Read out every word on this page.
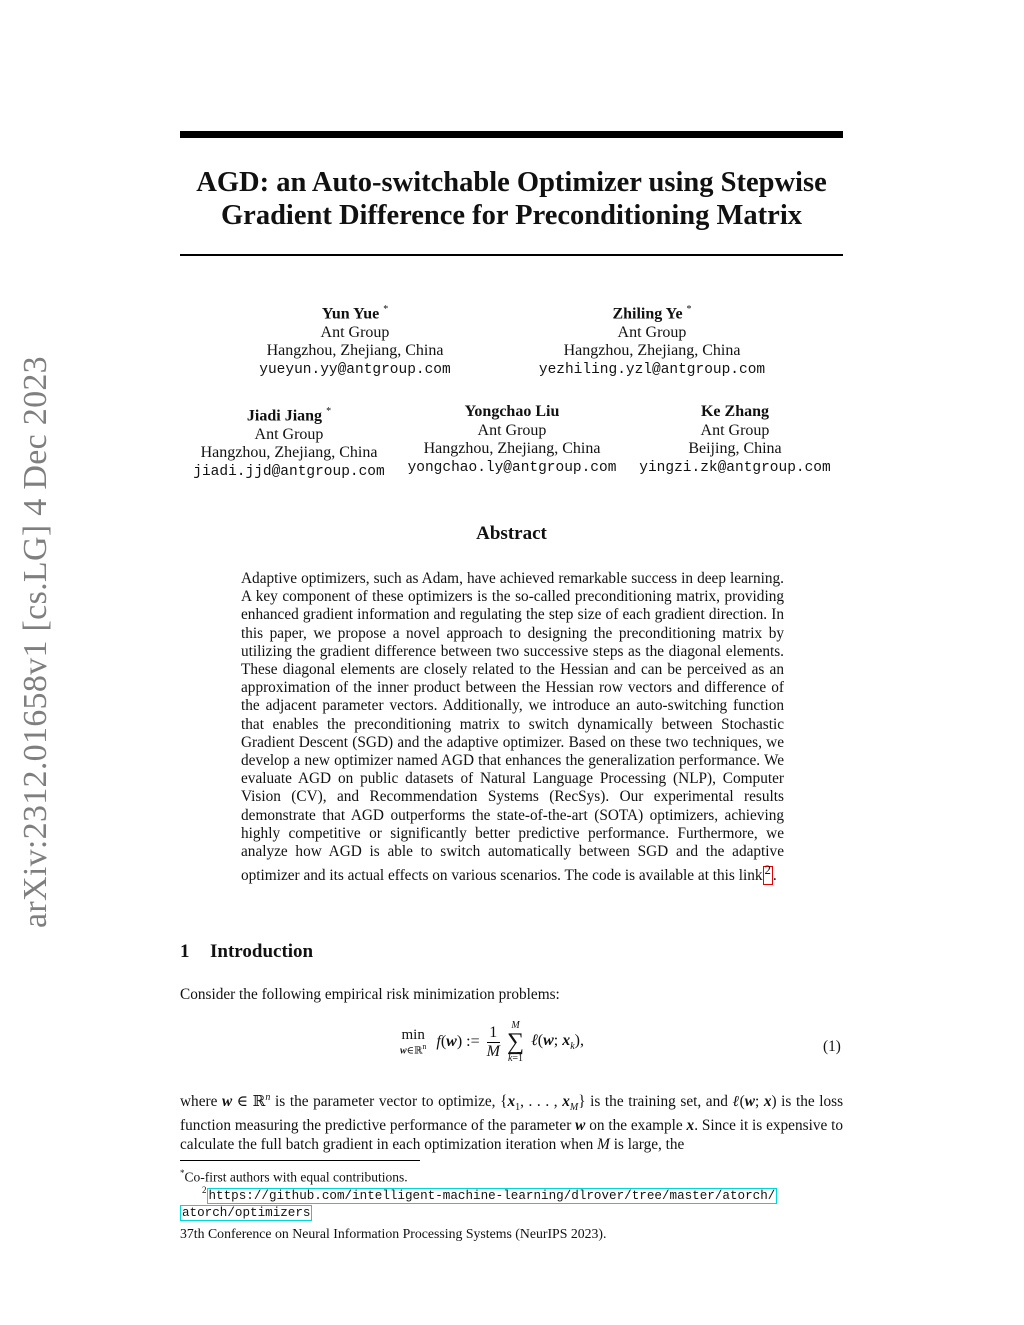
arXiv:2312.01658v1 [cs.LG] 4 Dec 2023
AGD: an Auto-switchable Optimizer using Stepwise
Gradient Difference for Preconditioning Matrix
Yun Yue *
Ant Group
Hangzhou, Zhejiang, China
yueyun.yy@antgroup.com
Zhiling Ye *
Ant Group
Hangzhou, Zhejiang, China
yezhiling.yzl@antgroup.com
Jiadi Jiang *
Ant Group
Hangzhou, Zhejiang, China
jiadi.jjd@antgroup.com
Yongchao Liu
Ant Group
Hangzhou, Zhejiang, China
yongchao.ly@antgroup.com
Ke Zhang
Ant Group
Beijing, China
yingzi.zk@antgroup.com
Abstract
Adaptive optimizers, such as Adam, have achieved remarkable success in deep learning. A key component of these optimizers is the so-called preconditioning matrix, providing enhanced gradient information and regulating the step size of each gradient direction. In this paper, we propose a novel approach to designing the preconditioning matrix by utilizing the gradient difference between two successive steps as the diagonal elements. These diagonal elements are closely related to the Hessian and can be perceived as an approximation of the inner product between the Hessian row vectors and difference of the adjacent parameter vectors. Additionally, we introduce an auto-switching function that enables the preconditioning matrix to switch dynamically between Stochastic Gradient Descent (SGD) and the adaptive optimizer. Based on these two techniques, we develop a new optimizer named AGD that enhances the generalization performance. We evaluate AGD on public datasets of Natural Language Processing (NLP), Computer Vision (CV), and Recommendation Systems (RecSys). Our experimental results demonstrate that AGD outperforms the state-of-the-art (SOTA) optimizers, achieving highly competitive or significantly better predictive performance. Furthermore, we analyze how AGD is able to switch automatically between SGD and the adaptive optimizer and its actual effects on various scenarios. The code is available at this link $^2$ .
1 Introduction
Consider the following empirical risk minimization problems:
min
w∈ℝ$^n$ f(w) := $\frac{1}{M}$
	M
∑
k=1
ℓ(w; $x_k$),	(1)
where w ∈ ℝ$^n$ is the parameter vector to optimize, {$x_1$, . . . , $x_M$} is the training set, and ℓ(w; x) is the loss function measuring the predictive performance of the parameter w on the example x. Since it is expensive to calculate the full batch gradient in each optimization iteration when M is large, the
*Co-first authors with equal contributions.
$^2$ https://github.com/intelligent-machine-learning/dlrover/tree/master/atorch/
atorch/optimizers
37th Conference on Neural Information Processing Systems (NeurIPS 2023).
